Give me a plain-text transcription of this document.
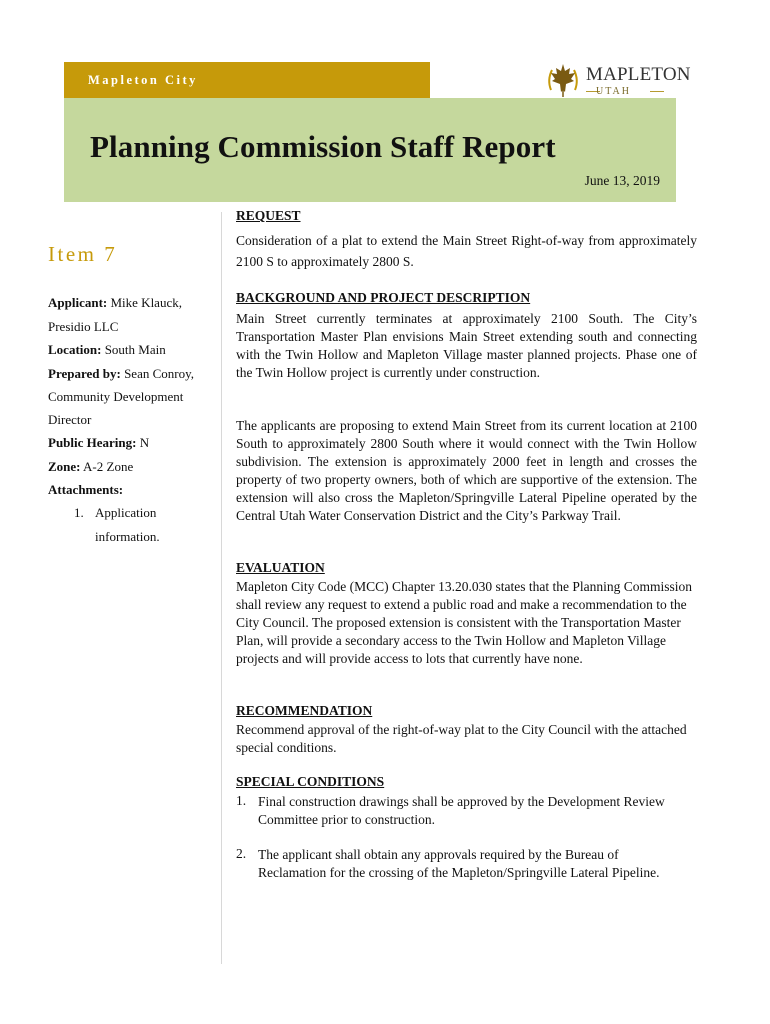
Mapleton City	MAPLETON
UTAH
Planning Commission Staff Report
June 13, 2019
Item 7
Applicant: Mike Klauck,
Presidio LLC
Location: South Main
Prepared by: Sean Conroy,
Community Development
Director
Public Hearing: N
Zone: A-2 Zone
Attachments:
1. Application
information.
REQUEST
Consideration of a plat to extend the Main Street Right-of-way from approximately 2100 S to approximately 2800 S.
BACKGROUND AND PROJECT DESCRIPTION
Main Street currently terminates at approximately 2100 South. The City’s Transportation Master Plan envisions Main Street extending south and connecting with the Twin Hollow and Mapleton Village master planned projects. Phase one of the Twin Hollow project is currently under construction.
The applicants are proposing to extend Main Street from its current location at 2100 South to approximately 2800 South where it would connect with the Twin Hollow subdivision. The extension is approximately 2000 feet in length and crosses the property of two property owners, both of which are supportive of the extension. The extension will also cross the Mapleton/Springville Lateral Pipeline operated by the Central Utah Water Conservation District and the City’s Parkway Trail.
EVALUATION
Mapleton City Code (MCC) Chapter 13.20.030 states that the Planning Commission shall review any request to extend a public road and make a recommendation to the City Council. The proposed extension is consistent with the Transportation Master Plan, will provide a secondary access to the Twin Hollow and Mapleton Village projects and will provide access to lots that currently have none.
RECOMMENDATION
Recommend approval of the right-of-way plat to the City Council with the attached special conditions.
SPECIAL CONDITIONS
1. Final construction drawings shall be approved by the Development Review Committee prior to construction.
2. The applicant shall obtain any approvals required by the Bureau of Reclamation for the crossing of the Mapleton/Springville Lateral Pipeline.
